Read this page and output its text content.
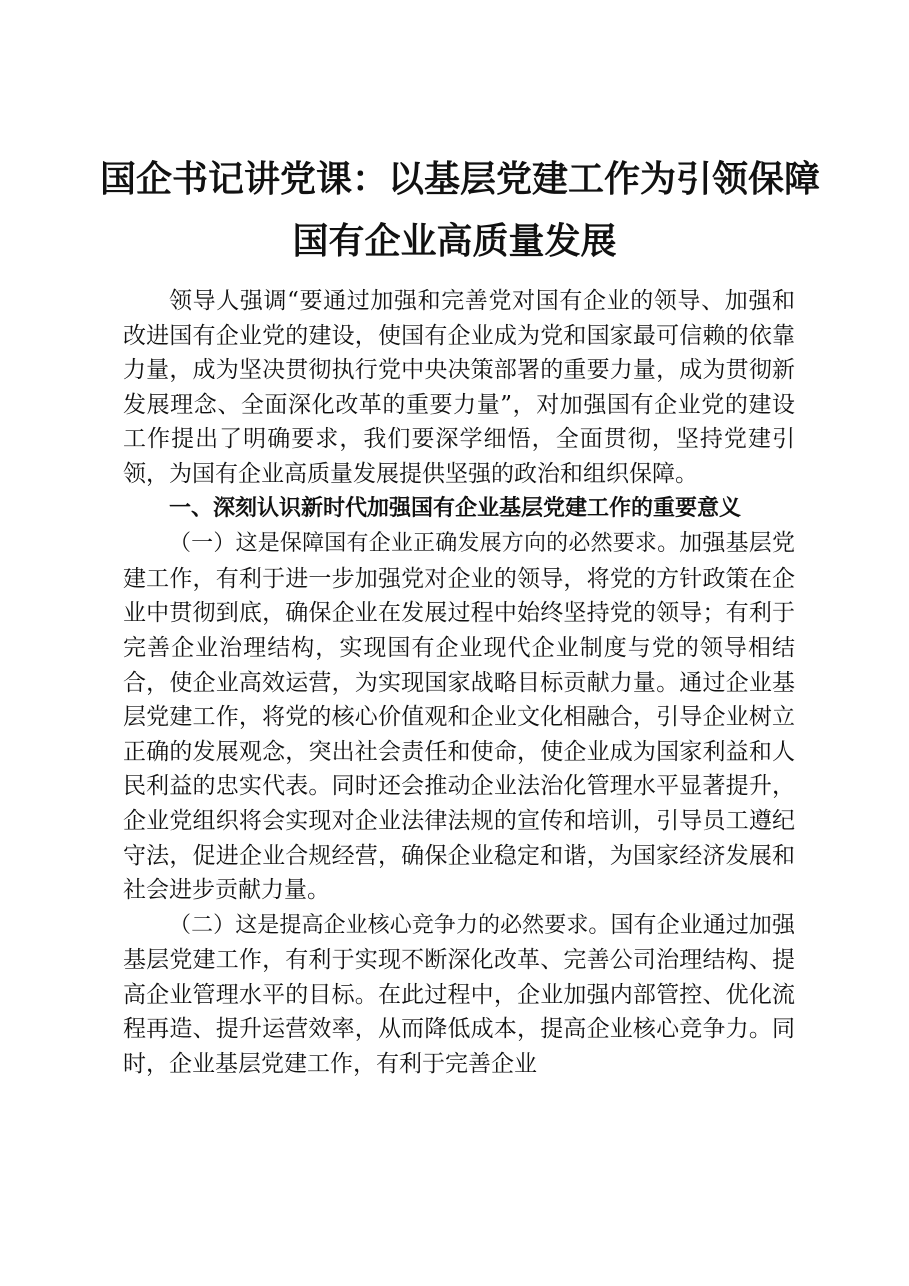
国企书记讲党课：以基层党建工作为引领保障
国有企业高质量发展

领导人强调“要通过加强和完善党对国有企业的领导、加强和改进国有企业党的建设，使国有企业成为党和国家最可信赖的依靠力量，成为坚决贯彻执行党中央决策部署的重要力量，成为贯彻新发展理念、全面深化改革的重要力量”，对加强国有企业党的建设工作提出了明确要求，我们要深学细悟，全面贯彻，坚持党建引领，为国有企业高质量发展提供坚强的政治和组织保障。

一、深刻认识新时代加强国有企业基层党建工作的重要意义

（一）这是保障国有企业正确发展方向的必然要求。加强基层党建工作，有利于进一步加强党对企业的领导，将党的方针政策在企业中贯彻到底，确保企业在发展过程中始终坚持党的领导；有利于完善企业治理结构，实现国有企业现代企业制度与党的领导相结合，使企业高效运营，为实现国家战略目标贡献力量。通过企业基层党建工作，将党的核心价值观和企业文化相融合，引导企业树立正确的发展观念，突出社会责任和使命，使企业成为国家利益和人民利益的忠实代表。同时还会推动企业法治化管理水平显著提升，企业党组织将会实现对企业法律法规的宣传和培训，引导员工遵纪守法，促进企业合规经营，确保企业稳定和谐，为国家经济发展和社会进步贡献力量。

（二）这是提高企业核心竞争力的必然要求。国有企业通过加强基层党建工作，有利于实现不断深化改革、完善公司治理结构、提高企业管理水平的目标。在此过程中，企业加强内部管控、优化流程再造、提升运营效率，从而降低成本，提高企业核心竞争力。同时，企业基层党建工作，有利于完善企业
